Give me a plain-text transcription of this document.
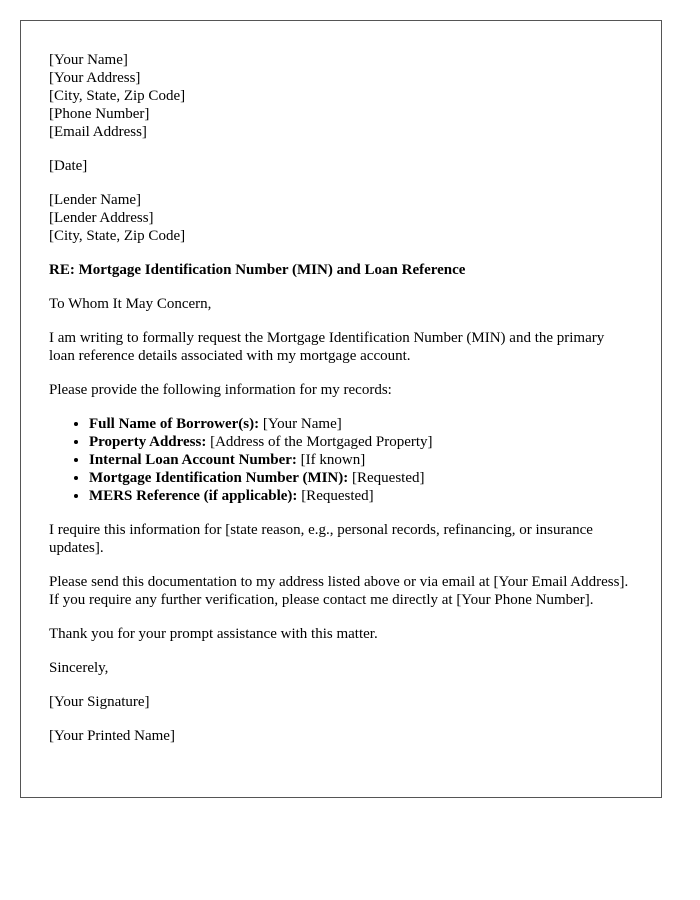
[Your Name]
[Your Address]
[City, State, Zip Code]
[Phone Number]
[Email Address]

[Date]

[Lender Name]
[Lender Address]
[City, State, Zip Code]

RE: Mortgage Identification Number (MIN) and Loan Reference

To Whom It May Concern,

I am writing to formally request the Mortgage Identification Number (MIN) and the primary loan reference details associated with my mortgage account.

Please provide the following information for my records:

• Full Name of Borrower(s): [Your Name]
• Property Address: [Address of the Mortgaged Property]
• Internal Loan Account Number: [If known]
• Mortgage Identification Number (MIN): [Requested]
• MERS Reference (if applicable): [Requested]

I require this information for [state reason, e.g., personal records, refinancing, or insurance updates].

Please send this documentation to my address listed above or via email at [Your Email Address]. If you require any further verification, please contact me directly at [Your Phone Number].

Thank you for your prompt assistance with this matter.

Sincerely,

[Your Signature]

[Your Printed Name]
